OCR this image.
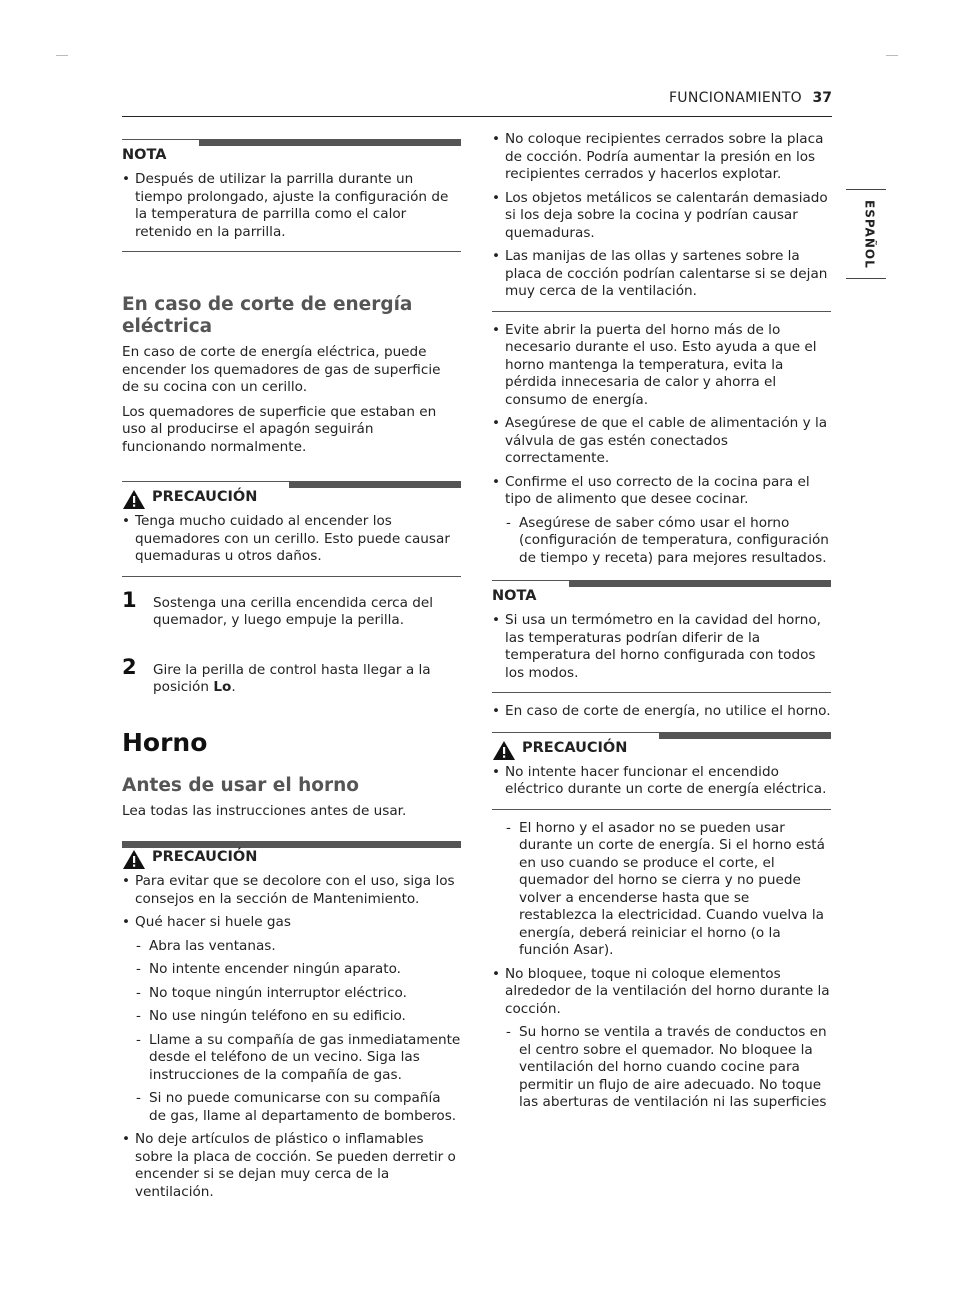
FUNCIONAMIENTO 37
ESPAÑOL
NOTA
• Después de utilizar la parrilla durante un tiempo prolongado, ajuste la configuración de la temperatura de parrilla como el calor retenido en la parrilla.
En caso de corte de energía eléctrica

En caso de corte de energía eléctrica, puede encender los quemadores de gas de superficie de su cocina con un cerillo.

Los quemadores de superficie que estaban en uso al producirse el apagón seguirán funcionando normalmente.

PRECAUCIÓN
• Tenga mucho cuidado al encender los quemadores con un cerillo. Esto puede causar quemaduras u otros daños.
1 Sostenga una cerilla encendida cerca del quemador, y luego empuje la perilla.
2 Gire la perilla de control hasta llegar a la posición Lo.
Horno
Antes de usar el horno

Lea todas las instrucciones antes de usar.

PRECAUCIÓN
• Para evitar que se decolore con el uso, siga los consejos en la sección de Mantenimiento.
• Qué hacer si huele gas
- Abra las ventanas.
- No intente encender ningún aparato.
- No toque ningún interruptor eléctrico.
- No use ningún teléfono en su edificio.
- Llame a su compañía de gas inmediatamente desde el teléfono de un vecino. Siga las instrucciones de la compañía de gas.
- Si no puede comunicarse con su compañía de gas, llame al departamento de bomberos.
• No deje artículos de plástico o inflamables sobre la placa de cocción. Se pueden derretir o encender si se dejan muy cerca de la ventilación.
• No coloque recipientes cerrados sobre la placa de cocción. Podría aumentar la presión en los recipientes cerrados y hacerlos explotar.
• Los objetos metálicos se calentarán demasiado si los deja sobre la cocina y podrían causar quemaduras.
• Las manijas de las ollas y sartenes sobre la placa de cocción podrían calentarse si se dejan muy cerca de la ventilación.
• Evite abrir la puerta del horno más de lo necesario durante el uso. Esto ayuda a que el horno mantenga la temperatura, evita la pérdida innecesaria de calor y ahorra el consumo de energía.
• Asegúrese de que el cable de alimentación y la válvula de gas estén conectados correctamente.
• Confirme el uso correcto de la cocina para el tipo de alimento que desee cocinar.
- Asegúrese de saber cómo usar el horno (configuración de temperatura, configuración de tiempo y receta) para mejores resultados.
NOTA
• Si usa un termómetro en la cavidad del horno, las temperaturas podrían diferir de la temperatura del horno configurada con todos los modos.
• En caso de corte de energía, no utilice el horno.
PRECAUCIÓN
• No intente hacer funcionar el encendido eléctrico durante un corte de energía eléctrica.
- El horno y el asador no se pueden usar durante un corte de energía. Si el horno está en uso cuando se produce el corte, el quemador del horno se cierra y no puede volver a encenderse hasta que se restablezca la electricidad. Cuando vuelva la energía, deberá reiniciar el horno (o la función Asar).
• No bloquee, toque ni coloque elementos alrededor de la ventilación del horno durante la cocción.
- Su horno se ventila a través de conductos en el centro sobre el quemador. No bloquee la ventilación del horno cuando cocine para permitir un flujo de aire adecuado. No toque las aberturas de ventilación ni las superficies
